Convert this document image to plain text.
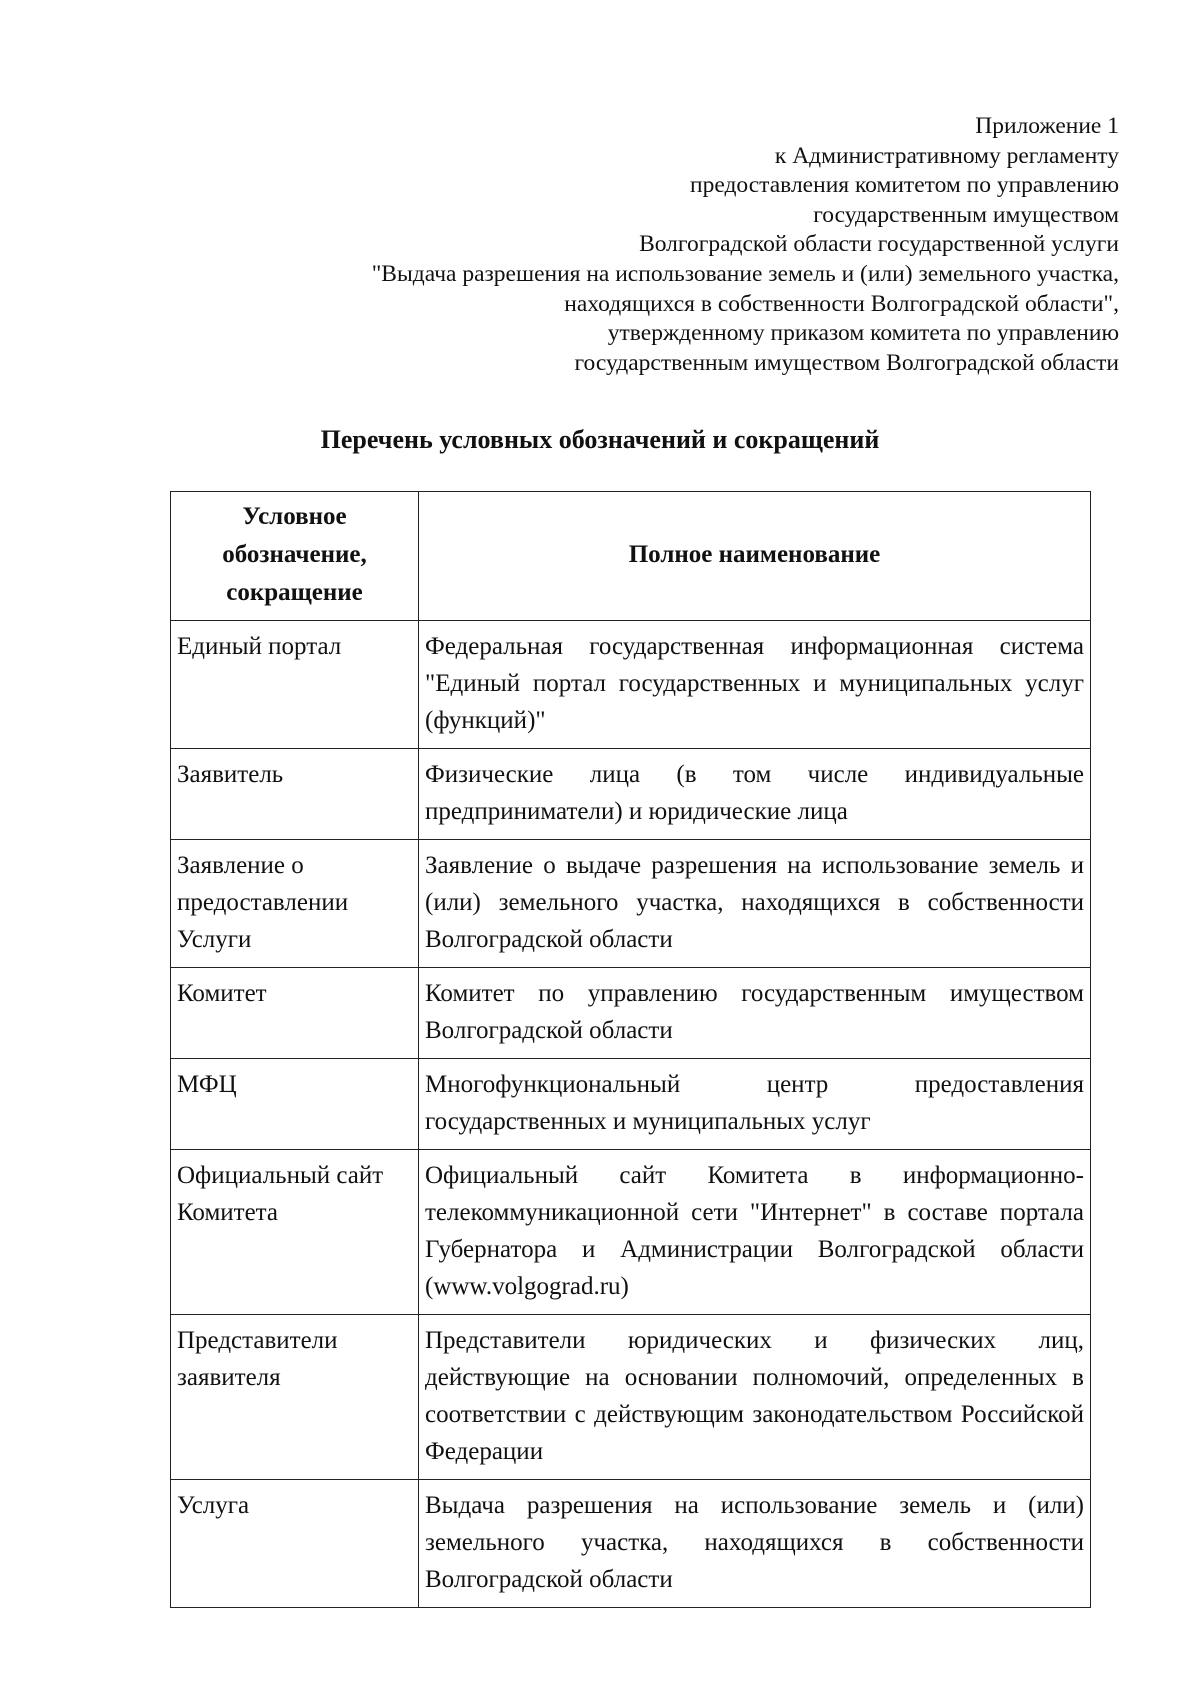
Приложение 1
к Административному регламенту
предоставления комитетом по управлению
государственным имуществом
Волгоградской области государственной услуги
"Выдача разрешения на использование земель и (или) земельного участка,
находящихся в собственности Волгоградской области",
утвержденному приказом комитета по управлению
государственным имуществом Волгоградской области
Перечень условных обозначений и сокращений
Условное обозначение, сокращение	Полное наименование
Единый портал	Федеральная государственная информационная система "Единый портал государственных и муниципальных услуг (функций)"
Заявитель	Физические лица (в том числе индивидуальные предприниматели) и юридические лица
Заявление о предоставлении Услуги	Заявление о выдаче разрешения на использование земель и (или) земельного участка, находящихся в собственности Волгоградской области
Комитет	Комитет по управлению государственным имуществом Волгоградской области
МФЦ	Многофункциональный центр предоставления государственных и муниципальных услуг
Официальный сайт Комитета	Официальный сайт Комитета в информационно-телекоммуникационной сети "Интернет" в составе портала Губернатора и Администрации Волгоградской области (www.volgograd.ru)
Представители заявителя	Представители юридических и физических лиц, действующие на основании полномочий, определенных в соответствии с действующим законодательством Российской Федерации
Услуга	Выдача разрешения на использование земель и (или) земельного участка, находящихся в собственности Волгоградской области
